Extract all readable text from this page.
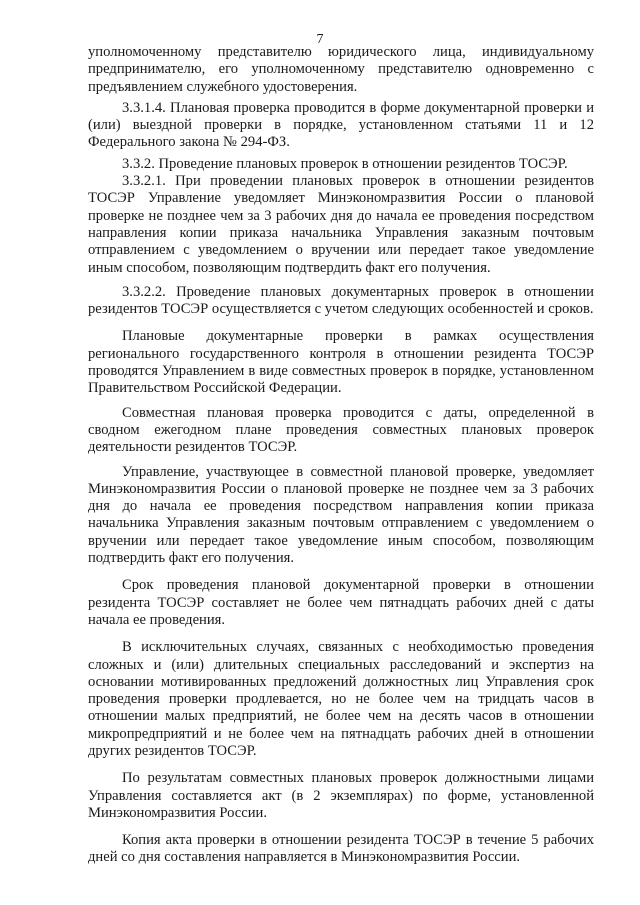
7

уполномоченному представителю юридического лица, индивидуальному предпринимателю, его уполномоченному представителю одновременно с предъявлением служебного удостоверения.

3.3.1.4. Плановая проверка проводится в форме документарной проверки и (или) выездной проверки в порядке, установленном статьями 11 и 12 Федерального закона № 294-ФЗ.

3.3.2. Проведение плановых проверок в отношении резидентов ТОСЭР.

3.3.2.1. При проведении плановых проверок в отношении резидентов ТОСЭР Управление уведомляет Минэкономразвития России о плановой проверке не позднее чем за 3 рабочих дня до начала ее проведения посредством направления копии приказа начальника Управления заказным почтовым отправлением с уведомлением о вручении или передает такое уведомление иным способом, позволяющим подтвердить факт его получения.

3.3.2.2. Проведение плановых документарных проверок в отношении резидентов ТОСЭР осуществляется с учетом следующих особенностей и сроков.

Плановые документарные проверки в рамках осуществления регионального государственного контроля в отношении резидента ТОСЭР проводятся Управлением в виде совместных проверок в порядке, установленном Правительством Российской Федерации.

Совместная плановая проверка проводится с даты, определенной в сводном ежегодном плане проведения совместных плановых проверок деятельности резидентов ТОСЭР.

Управление, участвующее в совместной плановой проверке, уведомляет Минэкономразвития России о плановой проверке не позднее чем за 3 рабочих дня до начала ее проведения посредством направления копии приказа начальника Управления заказным почтовым отправлением с уведомлением о вручении или передает такое уведомление иным способом, позволяющим подтвердить факт его получения.

Срок проведения плановой документарной проверки в отношении резидента ТОСЭР составляет не более чем пятнадцать рабочих дней с даты начала ее проведения.

В исключительных случаях, связанных с необходимостью проведения сложных и (или) длительных специальных расследований и экспертиз на основании мотивированных предложений должностных лиц Управления срок проведения проверки продлевается, но не более чем на тридцать часов в отношении малых предприятий, не более чем на десять часов в отношении микропредприятий и не более чем на пятнадцать рабочих дней в отношении других резидентов ТОСЭР.

По результатам совместных плановых проверок должностными лицами Управления составляется акт (в 2 экземплярах) по форме, установленной Минэкономразвития России.

Копия акта проверки в отношении резидента ТОСЭР в течение 5 рабочих дней со дня составления направляется в Минэкономразвития России.
